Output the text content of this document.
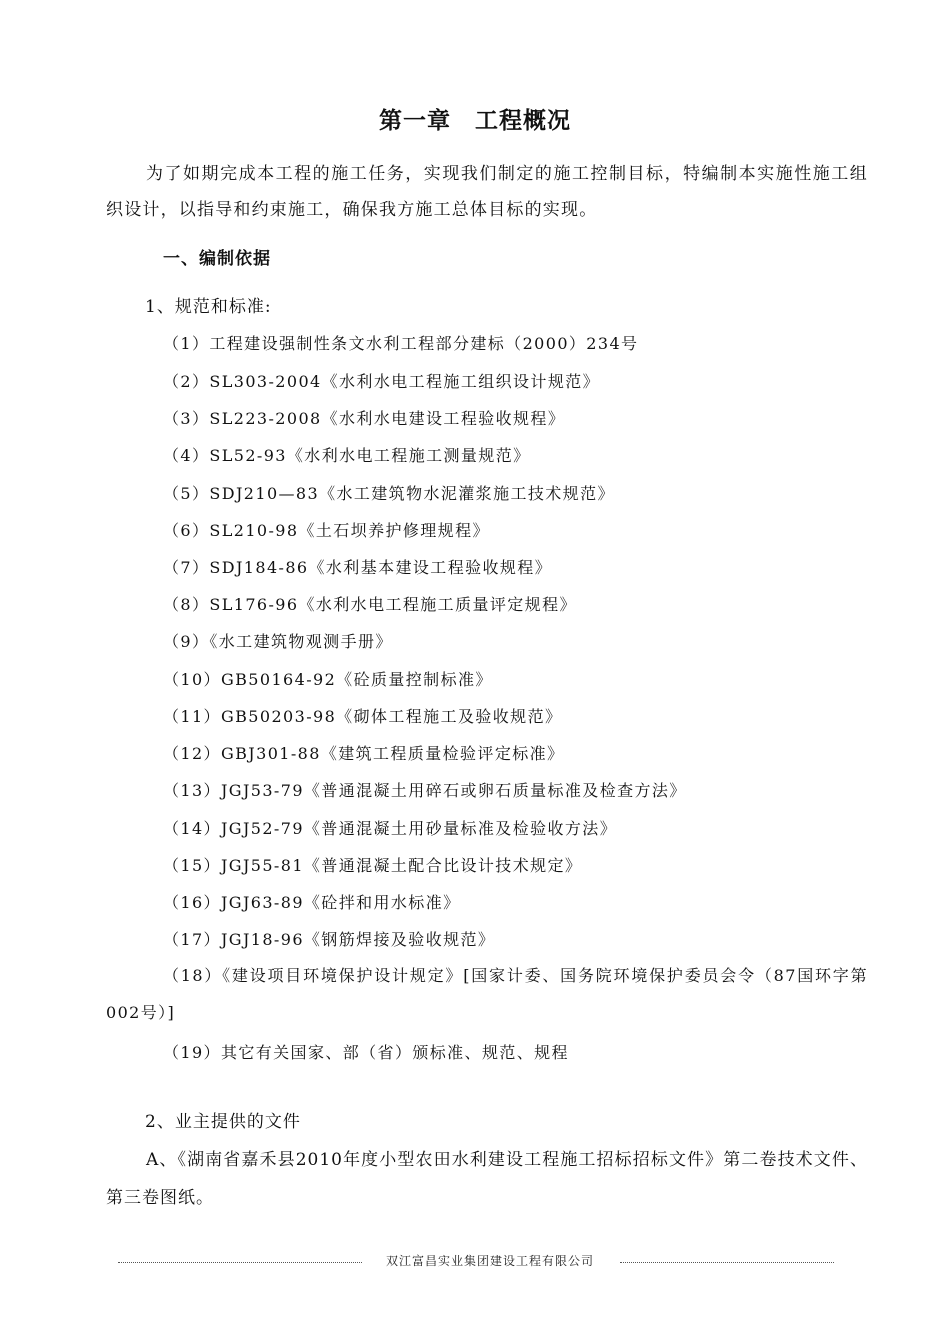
第一章　工程概况
为了如期完成本工程的施工任务，实现我们制定的施工控制目标，特编制本实施性施工组织设计，以指导和约束施工，确保我方施工总体目标的实现。
一、编制依据
1、规范和标准:
（1）工程建设强制性条文水利工程部分建标（2000）234号
（2）SL303-2004《水利水电工程施工组织设计规范》
（3）SL223-2008《水利水电建设工程验收规程》
（4）SL52-93《水利水电工程施工测量规范》
（5）SDJ210—83《水工建筑物水泥灌浆施工技术规范》
（6）SL210-98《土石坝养护修理规程》
（7）SDJ184-86《水利基本建设工程验收规程》
（8）SL176-96《水利水电工程施工质量评定规程》
（9）《水工建筑物观测手册》
（10）GB50164-92《砼质量控制标准》
（11）GB50203-98《砌体工程施工及验收规范》
（12）GBJ301-88《建筑工程质量检验评定标准》
（13）JGJ53-79《普通混凝土用碎石或卵石质量标准及检查方法》
（14）JGJ52-79《普通混凝土用砂量标准及检验收方法》
（15）JGJ55-81《普通混凝土配合比设计技术规定》
（16）JGJ63-89《砼拌和用水标准》
（17）JGJ18-96《钢筋焊接及验收规范》
（18）《建设项目环境保护设计规定》[国家计委、国务院环境保护委员会令（87国环字第002号）]
（19）其它有关国家、部（省）颁标准、规范、规程
2、业主提供的文件
A、《湖南省嘉禾县2010年度小型农田水利建设工程施工招标招标文件》第二卷技术文件、第三卷图纸。
双江富昌实业集团建设工程有限公司
